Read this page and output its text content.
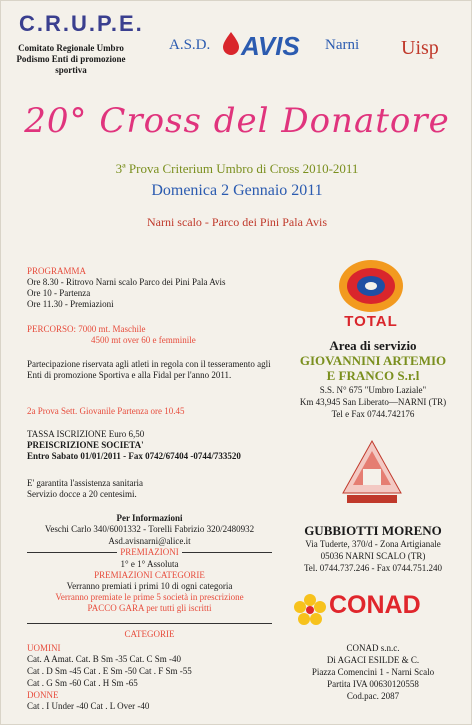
C.R.U.P.E.
Comitato Regionale Umbro Podismo Enti di promozione sportiva
A.S.D. AVIS Narni Uisp
20° Cross del Donatore
3ª Prova Criterium Umbro di Cross 2010-2011
Domenica 2 Gennaio 2011
Narni scalo - Parco dei Pini Pala Avis
PROGRAMMA
Ore 8.30 - Ritrovo Narni scalo Parco dei Pini Pala Avis
Ore 10 - Partenza
Ore 11.30 - Premiazioni
PERCORSO: 7000 mt. Maschile
4500 mt over 60 e femminile
Partecipazione riservata agli atleti in regola con il tesseramento agli Enti di promozione Sportiva e alla Fidal per l'anno 2011.
2a Prova Sett. Giovanile Partenza ore 10.45
TASSA ISCRIZIONE Euro 6,50
PREISCRIZIONE SOCIETA'
Entro Sabato 01/01/2011 - Fax 0742/67404 -0744/733520
E' garantita l'assistenza sanitaria
Servizio docce a 20 centesimi.
Per Informazioni
Veschi Carlo 340/6001332 - Torelli Fabrizio 320/2480932
Asd.avisnarni@alice.it
PREMIAZIONI
1° e 1° Assoluta
PREMIAZIONI CATEGORIE
Verranno premiati i primi 10 di ogni categoria
Verranno premiate le prime 5 società in prescrizione
PACCO GARA per tutti gli iscritti
CATEGORIE
UOMINI
Cat. A Amat. Cat. B Sm -35 Cat. C Sm -40
Cat . D Sm -45 Cat . E Sm -50 Cat . F Sm -55
Cat . G Sm -60 Cat . H Sm -65
DONNE
Cat . I Under -40 Cat . L Over -40
TOTAL
Area di servizio
GIOVANNINI ARTEMIO
E FRANCO S.r.l
S.S. N° 675 "Umbro Laziale"
Km 43,945 San Liberato—NARNI (TR)
Tel e Fax 0744.742176
GUBBIOTTI MORENO
Via Tuderte, 370/d - Zona Artigianale
05036 NARNI SCALO (TR)
Tel. 0744.737.246 - Fax 0744.751.240
CONAD
CONAD s.n.c.
Di AGACI ESILDE & C.
Piazza Comencini 1 - Narni Scalo
Partita IVA 00630120558
Cod.pac. 2087
